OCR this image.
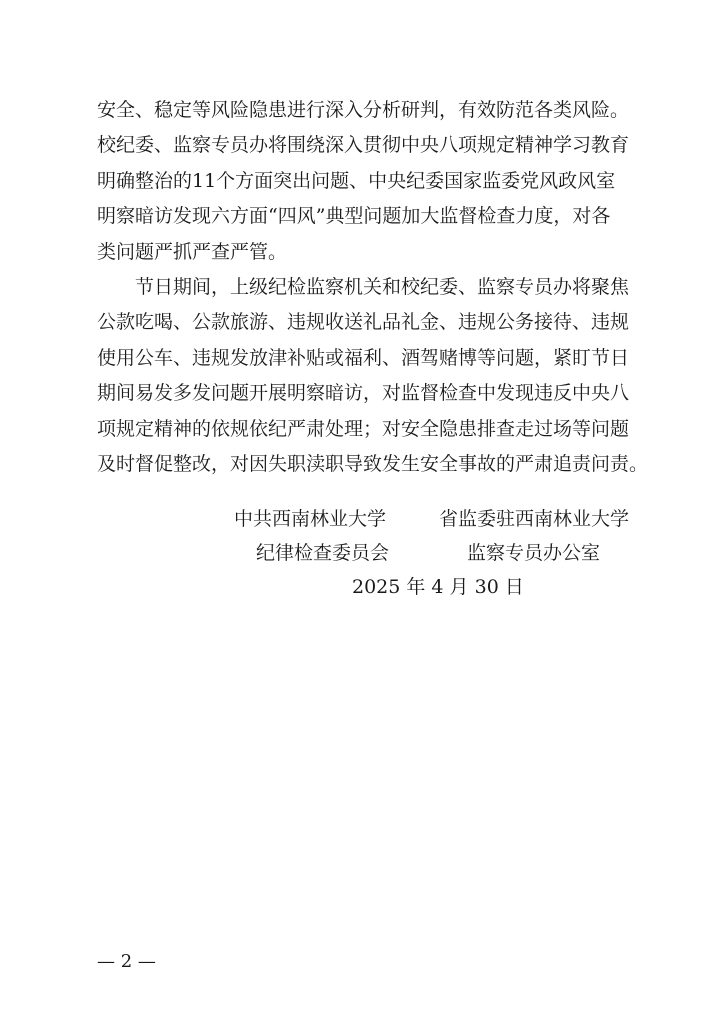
安全、稳定等风险隐患进行深入分析研判，有效防范各类风险。

校纪委、监察专员办将围绕深入贯彻中央八项规定精神学习教育

明确整治的11个方面突出问题、中央纪委国家监委党风政风室

明察暗访发现六方面“四风”典型问题加大监督检查力度，对各

类问题严抓严查严管。

节日期间，上级纪检监察机关和校纪委、监察专员办将聚焦

公款吃喝、公款旅游、违规收送礼品礼金、违规公务接待、违规

使用公车、违规发放津补贴或福利、酒驾赌博等问题，紧盯节日

期间易发多发问题开展明察暗访，对监督检查中发现违反中央八

项规定精神的依规依纪严肃处理；对安全隐患排查走过场等问题

及时督促整改，对因失职渎职导致发生安全事故的严肃追责问责。

中共西南林业大学	省监委驻西南林业大学
纪律检查委员会	监察专员办公室
2025 年 4 月 30 日
— 2 —
